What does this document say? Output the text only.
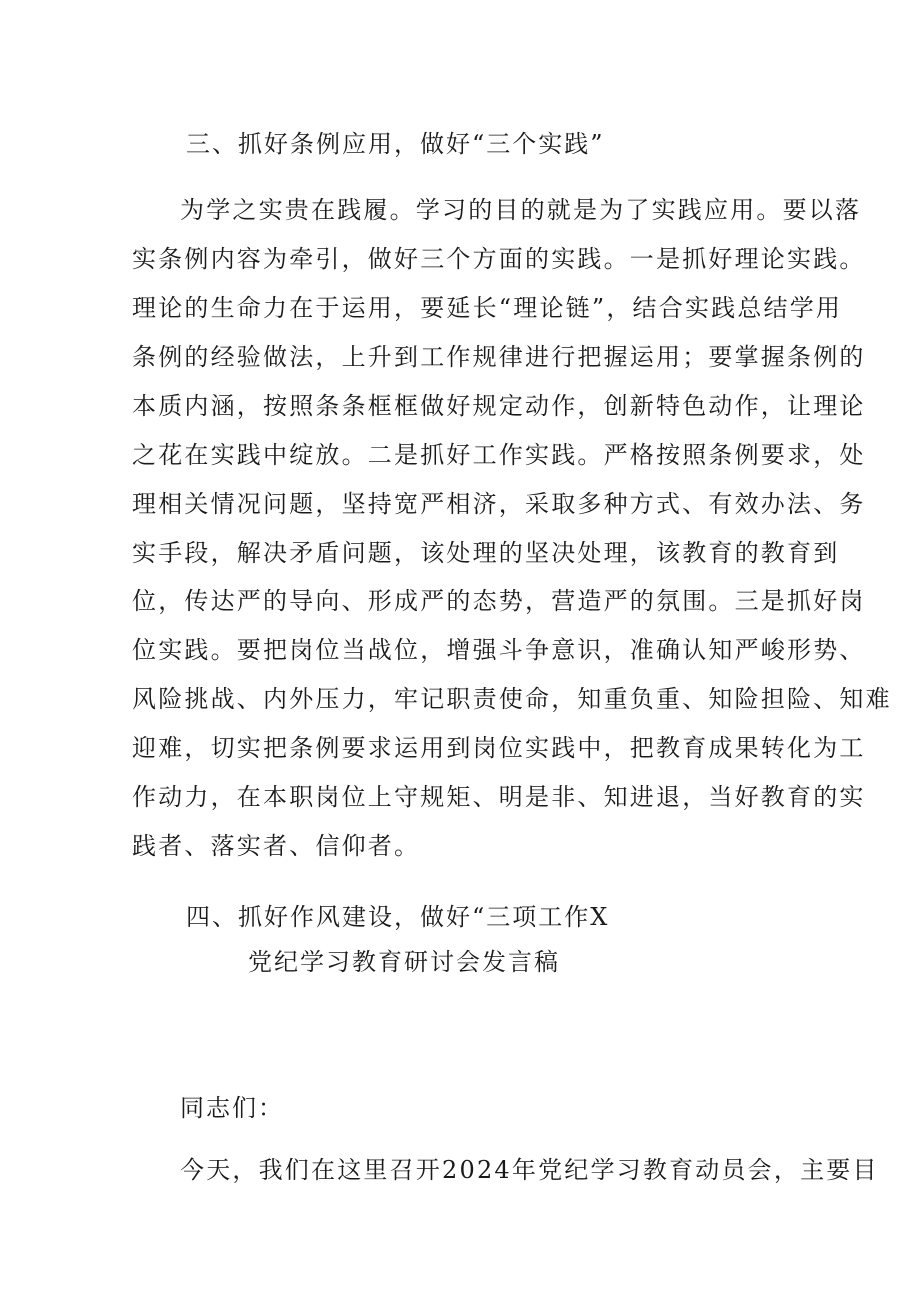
三、抓好条例应用，做好“三个实践”
为学之实贵在践履。学习的目的就是为了实践应用。要以落
实条例内容为牵引，做好三个方面的实践。一是抓好理论实践。
理论的生命力在于运用，要延长“理论链”，结合实践总结学用
条例的经验做法，上升到工作规律进行把握运用；要掌握条例的
本质内涵，按照条条框框做好规定动作，创新特色动作，让理论
之花在实践中绽放。二是抓好工作实践。严格按照条例要求，处
理相关情况问题，坚持宽严相济，采取多种方式、有效办法、务
实手段，解决矛盾问题，该处理的坚决处理，该教育的教育到
位，传达严的导向、形成严的态势，营造严的氛围。三是抓好岗
位实践。要把岗位当战位，增强斗争意识，准确认知严峻形势、
风险挑战、内外压力，牢记职责使命，知重负重、知险担险、知难
迎难，切实把条例要求运用到岗位实践中，把教育成果转化为工
作动力，在本职岗位上守规矩、明是非、知进退，当好教育的实
践者、落实者、信仰者。
四、抓好作风建设，做好“三项工作X
党纪学习教育研讨会发言稿
同志们：
今天，我们在这里召开2024年党纪学习教育动员会，主要目
